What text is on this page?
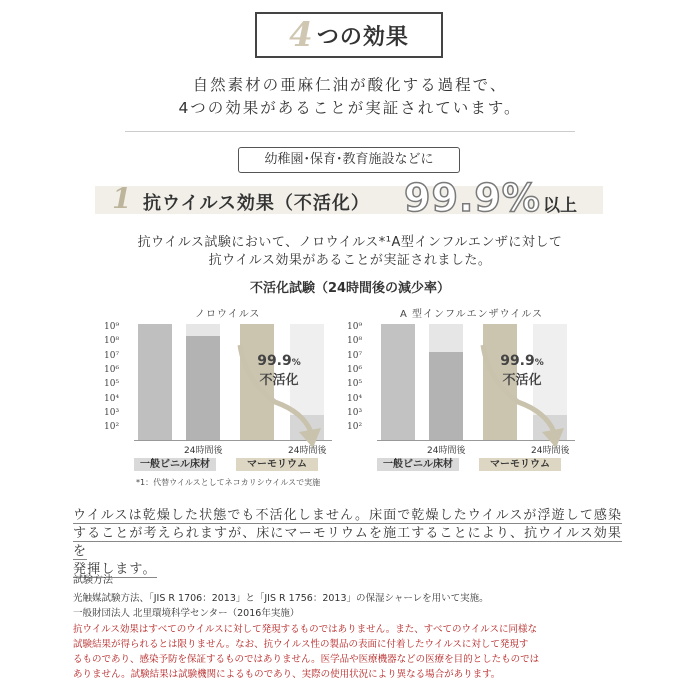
4 つの効果
自然素材の亜麻仁油が酸化する過程で、
4つの効果があることが実証されています。
幼稚園･保育･教育施設などに
1 抗ウイルス効果（不活化） 99.9% 以上
抗ウイルス試験において、ノロウイルス*¹A型インフルエンザに対して
抗ウイルス効果があることが実証されました。
不活化試験（24時間後の減少率）
ノロウイルス
10⁹
10⁸
10⁷
10⁶
10⁵
10⁴
10³
10²
24時間後
一般ビニル床材
24時間後
マーモリウム
99.9%
不活化
A 型インフルエンザウイルス
10⁹
10⁸
10⁷
10⁶
10⁵
10⁴
10³
10²
24時間後
一般ビニル床材
24時間後
マーモリウム
99.9%
不活化
*1：代替ウイルスとしてネコカリシウイルスで実施
ウイルスは乾燥した状態でも不活化しません。床面で乾燥したウイルスが浮遊して感染
することが考えられますが、床にマーモリウムを施工することにより、抗ウイルス効果を
発揮します。
試験方法
光触媒試験方法、「JIS R 1706：2013」と「JIS R 1756：2013」の保湿シャーレを用いて実施。
一般財団法人 北里環境科学センター（2016年実施）
抗ウイルス効果はすべてのウイルスに対して発現するものではありません。また、すべてのウイルスに同様な
試験結果が得られるとは限りません。なお、抗ウイルス性の製品の表面に付着したウイルスに対して発現す
るものであり、感染予防を保証するものではありません。医学品や医療機器などの医療を目的としたものでは
ありません。試験結果は試験機関によるものであり、実際の使用状況により異なる場合があります。
